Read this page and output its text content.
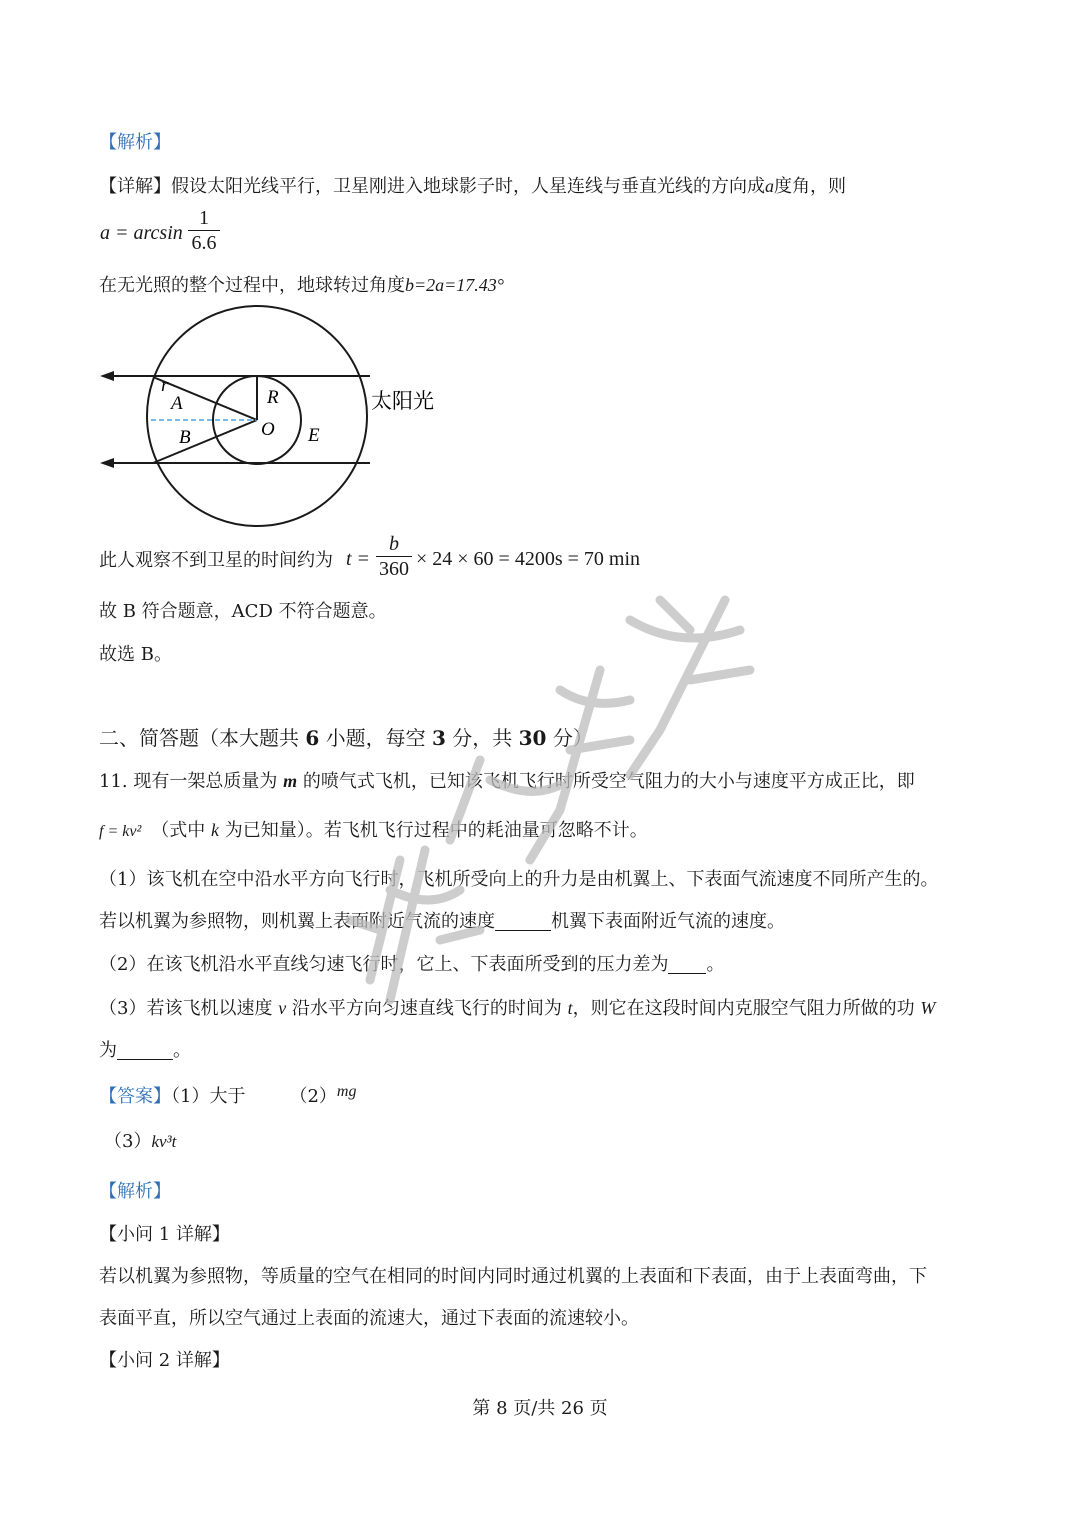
【解析】
【详解】假设太阳光线平行，卫星刚进入地球影子时，人星连线与垂直光线的方向成a度角，则
a = arcsin
1
6.6
在无光照的整个过程中，地球转过角度b=2a=17.43°
r
A
B
R
O E
太阳光
此人观察不到卫星的时间约为 t =
b
360 × 24 × 60 = 4200s = 70 min
故 B 符合题意，ACD 不符合题意。
故选 B。
二、简答题（本大题共 6 小题，每空 3 分，共 30 分）
11. 现有一架总质量为 m 的喷气式飞机，已知该飞机飞行时所受空气阻力的大小与速度平方成正比，即
f = kv² （式中 k 为已知量）。若飞机飞行过程中的耗油量可忽略不计。
（1）该飞机在空中沿水平方向飞行时，飞机所受向上的升力是由机翼上、下表面气流速度不同所产生的。
若以机翼为参照物，则机翼上表面附近气流的速度	机翼下表面附近气流的速度。
（2）在该飞机沿水平直线匀速飞行时，它上、下表面所受到的压力差为 。
（3）若该飞机以速度 v 沿水平方向匀速直线飞行的时间为 t，则它在这段时间内克服空气阻力所做的功 W
为	。
【答案】（1）大于 （2）mg
（3）kv³t
【解析】
【小问 1 详解】
若以机翼为参照物，等质量的空气在相同的时间内同时通过机翼的上表面和下表面，由于上表面弯曲，下
表面平直，所以空气通过上表面的流速大，通过下表面的流速较小。
【小问 2 详解】
第 8 页/共 26 页
